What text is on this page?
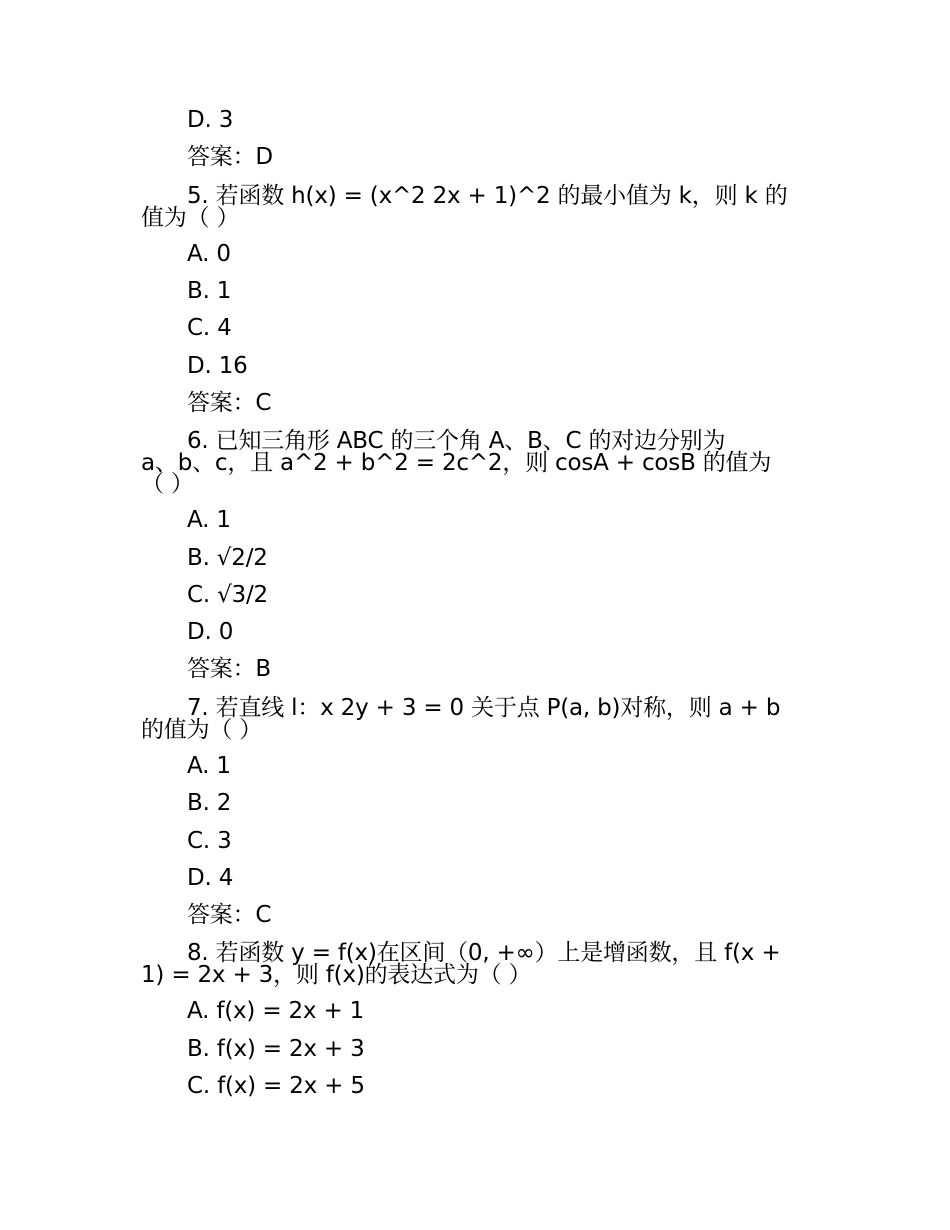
D. 3
答案：D
5. 若函数 h(x) = (x^2 2x + 1)^2 的最小值为 k，则 k 的
值为（ ）
A. 0
B. 1
C. 4
D. 16
答案：C
6. 已知三角形 ABC 的三个角 A、B、C 的对边分别为
a、b、c，且 a^2 + b^2 = 2c^2，则 cosA + cosB 的值为
（ ）
A. 1
B. √2/2
C. √3/2
D. 0
答案：B
7. 若直线 l：x 2y + 3 = 0 关于点 P(a, b)对称，则 a + b
的值为（ ）
A. 1
B. 2
C. 3
D. 4
答案：C
8. 若函数 y = f(x)在区间（0, +∞）上是增函数，且 f(x +
1) = 2x + 3，则 f(x)的表达式为（ ）
A. f(x) = 2x + 1
B. f(x) = 2x + 3
C. f(x) = 2x + 5
